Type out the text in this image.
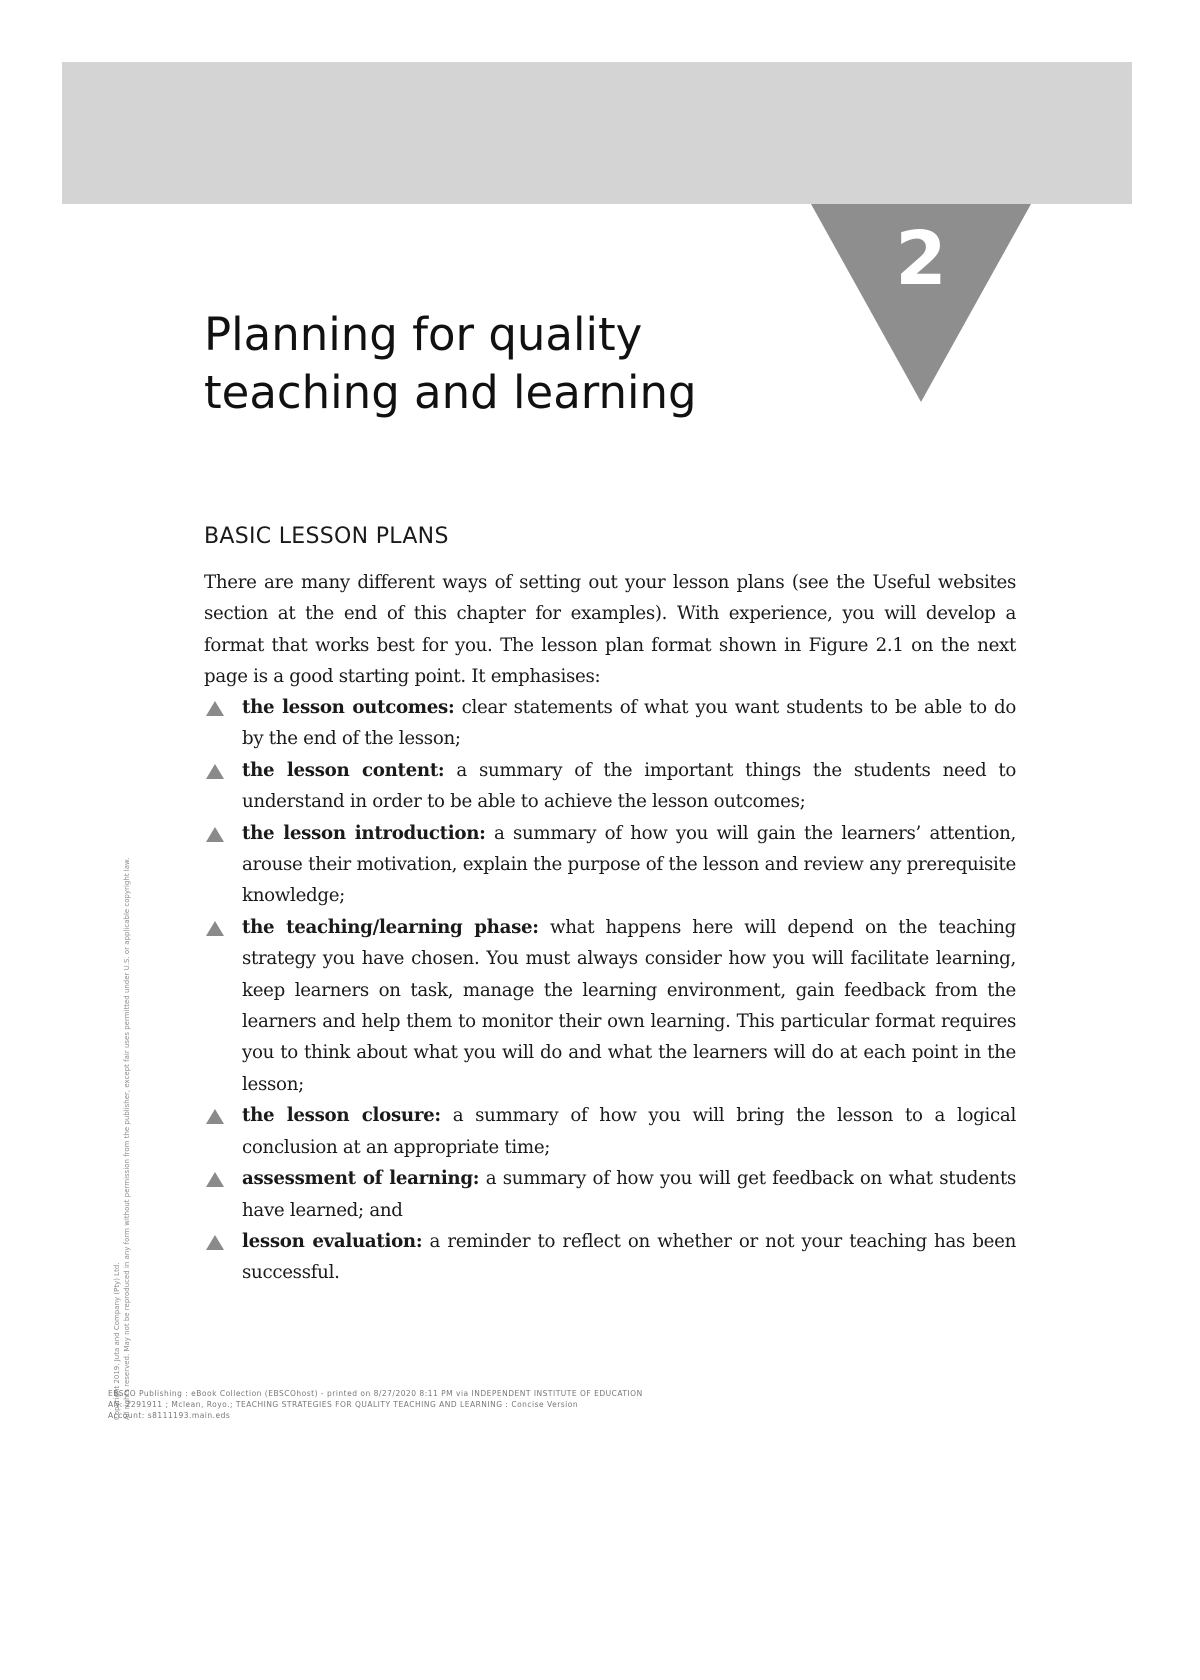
2
Planning for quality
teaching and learning
BASIC LESSON PLANS

There are many different ways of setting out your lesson plans (see the Useful websites section at the end of this chapter for examples). With experience, you will develop a format that works best for you. The lesson plan format shown in Figure 2.1 on the next page is a good starting point. It emphasises:

the lesson outcomes: clear statements of what you want students to be able to do by the end of the lesson;
the lesson content: a summary of the important things the students need to understand in order to be able to achieve the lesson outcomes;
the lesson introduction: a summary of how you will gain the learners’ attention, arouse their motivation, explain the purpose of the lesson and review any prerequisite knowledge;
the teaching/learning phase: what happens here will depend on the teaching strategy you have chosen. You must always consider how you will facilitate learning, keep learners on task, manage the learning environment, gain feedback from the learners and help them to monitor their own learning. This particular format requires you to think about what you will do and what the learners will do at each point in the lesson;
the lesson closure: a summary of how you will bring the lesson to a logical conclusion at an appropriate time;
assessment of learning: a summary of how you will get feedback on what students have learned; and
lesson evaluation: a reminder to reflect on whether or not your teaching has been successful.
Copyright 2019. Juta and Company (Pty) Ltd. All rights reserved. May not be reproduced in any form without permission from the publisher, except fair uses permitted under U.S. or applicable copyright law.
EBSCO Publishing : eBook Collection (EBSCOhost) - printed on 8/27/2020 8:11 PM via INDEPENDENT INSTITUTE OF EDUCATION
AN: 2291911 ; Mclean, Royo.; TEACHING STRATEGIES FOR QUALITY TEACHING AND LEARNING : Concise Version
Account: s8111193.main.eds
